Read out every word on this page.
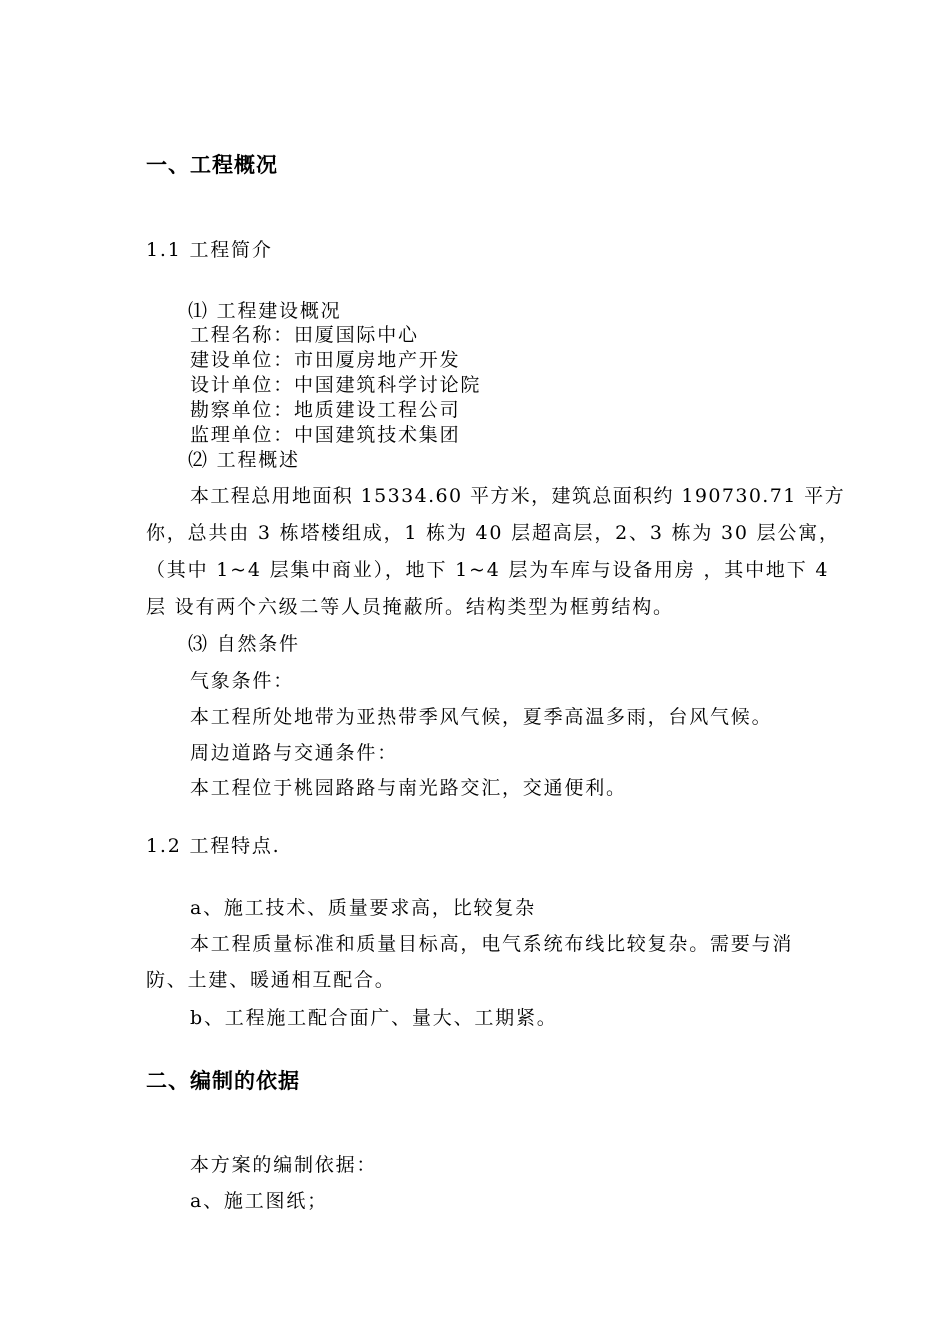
一、工程概况
1.1 工程简介
⑴ 工程建设概况
工程名称：田厦国际中心
建设单位：市田厦房地产开发
设计单位：中国建筑科学讨论院
勘察单位：地质建设工程公司
监理单位：中国建筑技术集团
⑵ 工程概述
本工程总用地面积 15334.60 平方米，建筑总面积约 190730.71 平方
你，总共由 3 栋塔楼组成，1 栋为 40 层超高层，2、3 栋为 30 层公寓，
（其中 1~4 层集中商业），地下 1~4 层为车库与设备用房 ，其中地下 4
层 设有两个六级二等人员掩蔽所。结构类型为框剪结构。
⑶ 自然条件
气象条件：
本工程所处地带为亚热带季风气候，夏季高温多雨，台风气候。
周边道路与交通条件：
本工程位于桃园路路与南光路交汇，交通便利。
1.2 工程特点.
a、施工技术、质量要求高，比较复杂
本工程质量标准和质量目标高，电气系统布线比较复杂。需要与消
防、土建、暖通相互配合。
b、工程施工配合面广、量大、工期紧。
二、编制的依据
本方案的编制依据：
a、施工图纸；
